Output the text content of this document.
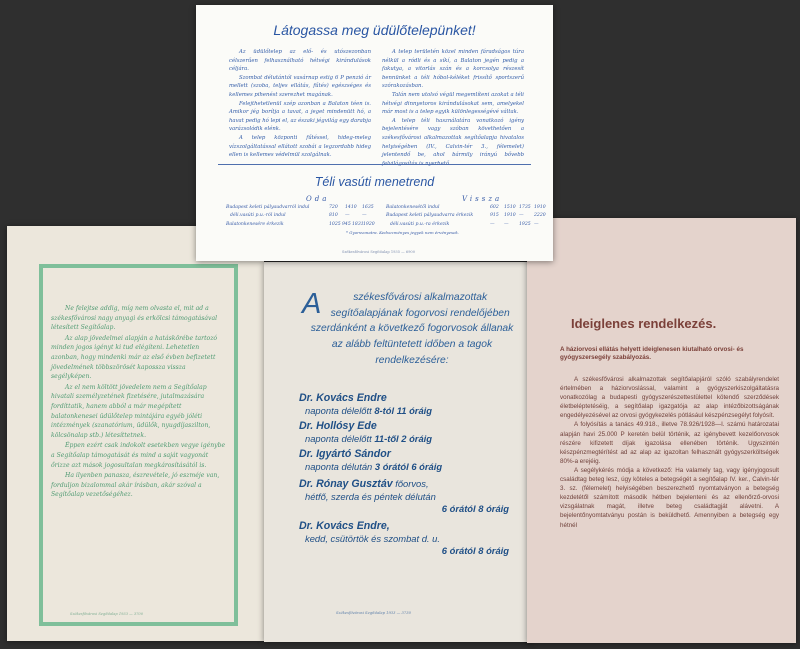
Ne felejtse addig, míg nem olvasta el, mit ad a székesfővárosi nagy anyagi és erkölcsi támogatásával létesített Segítőalap.

Az alap jövedelmei alapján a hatáskörébe tartozó minden jogos igényt ki tud elégíteni. Lehetetlen azonban, hogy mindenki már az első évben befizetett jövedelmének többszörösét kapossza vissza segélyképen.

Az el nem költött jövedelem nem a Segítőalap hivatali személyzetének fizetésére, jutalmazására fordíttatik, hanem abból a már megépített balatonkenesei üdülőtelep mintájára egyéb jóléti intézmények (szanatórium, üdülők, nyugdíjaszilton, kölcsönalap stb.) létesíttetnek.

Éppen ezért csak indokolt esetekben vegye igénybe a Segítőalap támogatását és mind a saját vagyonát őrizze azt mások jogosultalan megkárosításától is.

Ha ilyenben panasza, észrevétele, jó eszméje van, forduljon bizalommal akár írásban, akár szóval a Segítőalap vezetőségéhez.

Székesfővárosi Segítőalap 1933 — 3700
A	székesfővárosi alkalmazottak segítőalapjának fogorvosi rendelőjében szerdánként a következő fogorvosok állanak az alább feltüntetett időben a tagok rendelkezésére:
Dr. Kovács Endre
naponta délelőtt 8-tól 11 óráig
Dr. Hollósy Ede
naponta délelőtt 11-től 2 óráig
Dr. Igyártó Sándor
naponta délután 3 órától 6 óráig
Dr. Rónay Gusztáv főorvos,
hétfő, szerda és péntek délután
6 órától 8 óráig
Dr. Kovács Endre,
kedd, csütörtök és szombat d. u.
6 órától 8 óráig
Székesfővárosi Segítőalap 1933 — 3730
Ideiglenes rendelkezés.
A háziorvosi ellátás helyett ideiglenesen kiutalható orvosi- és gyógyszersegély szabályozás.

A székesfővárosi alkalmazottak segítőalapjáról szóló szabályrendelet értelmében a háziorvoslással, valamint a gyógyszerkiszolgáltatásra vonatkozólag a budapesti gyógyszerészettestülettel kötendő szerződések életbeléptetéséig, a segítőalap igazgatója az alap intézőbizottságának engedélyezésével az orvosi gyógykezelés pótlásául készpénzsegélyt folyósít.

A folyósítás a tanács 49.918., illetve 78.926/1928—I. számú határozatai alapján havi 25.000 P keretén belül történik, az igénybevett kezelőorvosok részére kifizetett díjak igazolása ellenében történik. Ugyszintén készpénzmegtérítést ad az alap az igazoltan felhasznált gyógyszerköltségek 80%-a erejéig.

A segélykérés módja a következő: Ha valamely tag, vagy igényjogosult családtag beteg lesz, úgy köteles a betegségét a segítőalap IV. ker., Calvin-tér 3. sz. (félemelet) helyiségében beszerezhető nyomtatványon a betegség kezdetétől számított második hétben bejelenteni és az ellenőrző-orvosi vizsgálatnak magát, illetve beteg családtagját alávetni. A bejelentőnyomtatványu postán is beküldhető. Amennyiben a betegség egy hétnél

Látogassa meg üdülőtelepünket!

Az üdülőtelep az elő- és utószezonban célszerűen felhasználható hétvégi kirándulások céljára.

Szombat délutántól vasárnap estig 6 P penzió ár mellett (szoba, teljes ellátás, fűtés) egészséges és kellemes pihenést szerezhet magának.

Felejthetetlenül szép azonban a Balaton téen is. Amikor jég borítja a tavat, a jeget mindenütt hó, a havat pedig hó lepi el, az északi jégvilág egy darabja varázsolódik elénk.

A telep központi fűtéssel, hideg-meleg vízszolgáltatással ellátott szobái a legzordabb hideg ellen is kellemes védelmül szolgálnak.

A telep területén közel minden fáradságos túra nélkül a ródli és a síkí, a Balaton jegén pedig a fakutya, a vitorlás szán és a korcsolya részesít bennünket a téli hóbol-kéléket frissítő sportszerű szórakozásban.

Talán nem utolsó végül megemlíteni azokat a téli hétvégi dinnyetoros kirándulásokat sem, amelyekel már most is a telep egyik különlegességévé váltak.

A telep téli használatára vonatkozó igény bejelentésére vagy szóban követhetően a székesfővárosi alkalmazottak segítőalapja hivatalos helyiségében (IV., Calvin-tér 3., félemelet) jelentendő be, ahol bármily irányú bővebb felvilágosítás is nyerhető.

Téli vasúti menetrend
Oda	Vissza
Budapest keleti pályaudvarról indul	720 1410 1635
déli.vasúti p.u.-ról indul	810 —	—
Balatonkenesére érkezik	1025 945 1831 1920
Balatonkenesétől indul	602 1510 1735 1910
Budapest keleti pályaudvarra érkezik	915 1910 — 2220
déli.vasúti p.u.-ra érkezik	— — 1925 —
* Gyorsvonatra. Kedvezményes jegyek nem érvényesek.
Székesfővárosi Segítőalap 1935 — 6900
